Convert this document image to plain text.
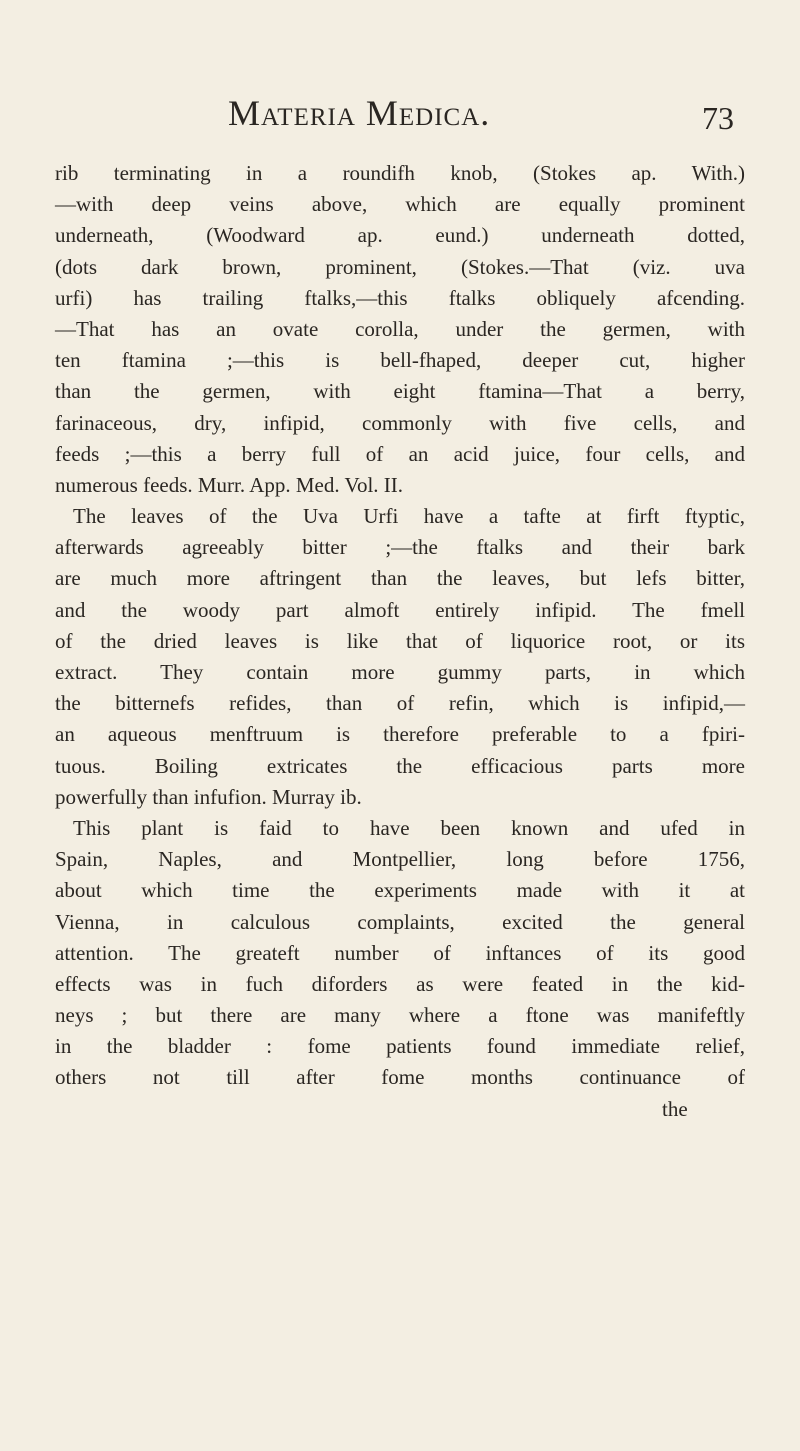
Materia Medica.	73
rib terminating in a roundifh knob, (Stokes ap. With.)
—with deep veins above, which are equally prominent
underneath, (Woodward ap. eund.) underneath dotted,
(dots dark brown, prominent, (Stokes.—That (viz. uva
urfi) has trailing ftalks,—this ftalks obliquely afcending.
—That has an ovate corolla, under the germen, with
ten ftamina ;—this is bell-fhaped, deeper cut, higher
than the germen, with eight ftamina—That a berry,
farinaceous, dry, infipid, commonly with five cells, and
feeds ;—this a berry full of an acid juice, four cells, and
numerous feeds. Murr. App. Med. Vol. II.
The leaves of the Uva Urfi have a tafte at firft ftyptic,
afterwards agreeably bitter ;—the ftalks and their bark
are much more aftringent than the leaves, but lefs bitter,
and the woody part almoft entirely infipid. The fmell
of the dried leaves is like that of liquorice root, or its
extract. They contain more gummy parts, in which
the bitternefs refides, than of refin, which is infipid,—
an aqueous menftruum is therefore preferable to a fpiri-
tuous. Boiling extricates the efficacious parts more
powerfully than infufion. Murray ib.
This plant is faid to have been known and ufed in
Spain, Naples, and Montpellier, long before 1756,
about which time the experiments made with it at
Vienna, in calculous complaints, excited the general
attention. The greateft number of inftances of its good
effects was in fuch diforders as were feated in the kid-
neys ; but there are many where a ftone was manifeftly
in the bladder : fome patients found immediate relief,
others not till after fome months continuance of
the
